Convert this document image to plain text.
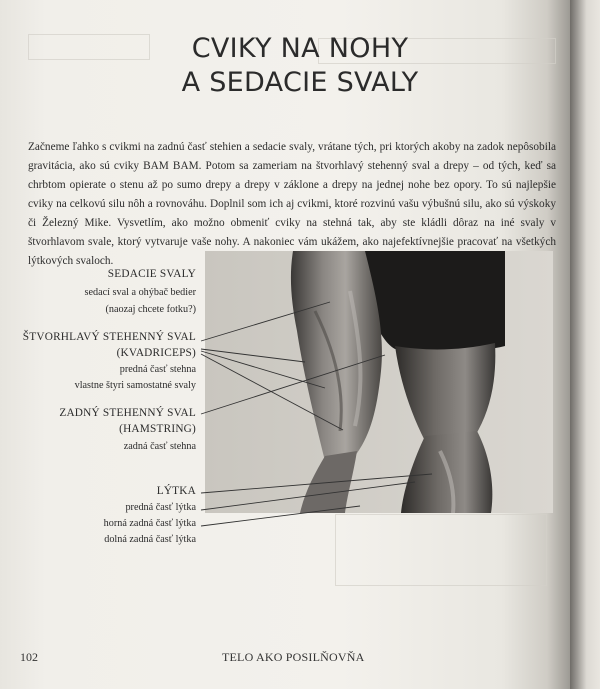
CVIKY NA NOHY
A SEDACIE SVALY

Začneme ľahko s cvikmi na zadnú časť stehien a sedacie svaly, vrátane tých, pri ktorých akoby na zadok nepôsobila gravitácia, ako sú cviky BAM BAM. Potom sa zameriam na štvorhlavý stehenný sval a drepy – od tých, keď sa chrbtom opierate o stenu až po sumo drepy a drepy v záklone a drepy na jednej nohe bez opory. To sú najlepšie cviky na celkovú silu nôh a rovnováhu. Doplnil som ich aj cvikmi, ktoré rozvinú vašu výbušnú silu, ako sú výskoky či Železný Mike. Vysvetlím, ako možno obmeniť cviky na stehná tak, aby ste kládli dôraz na iné svaly v štvorhlavom svale, ktorý vytvaruje vaše nohy. A nakoniec vám ukážem, ako najefektívnejšie pracovať na všetkých lýtkových svaloch.

SEDACIE SVALY
sedací sval a ohýbač bedier
(naozaj chcete fotku?)
ŠTVORHLAVÝ STEHENNÝ SVAL
(KVADRICEPS)
predná časť stehna
vlastne štyri samostatné svaly
ZADNÝ STEHENNÝ SVAL
(HAMSTRING)
zadná časť stehna
LÝTKA
predná časť lýtka
horná zadná časť lýtka
dolná zadná časť lýtka
102	TELO AKO POSILŇOVŇA
